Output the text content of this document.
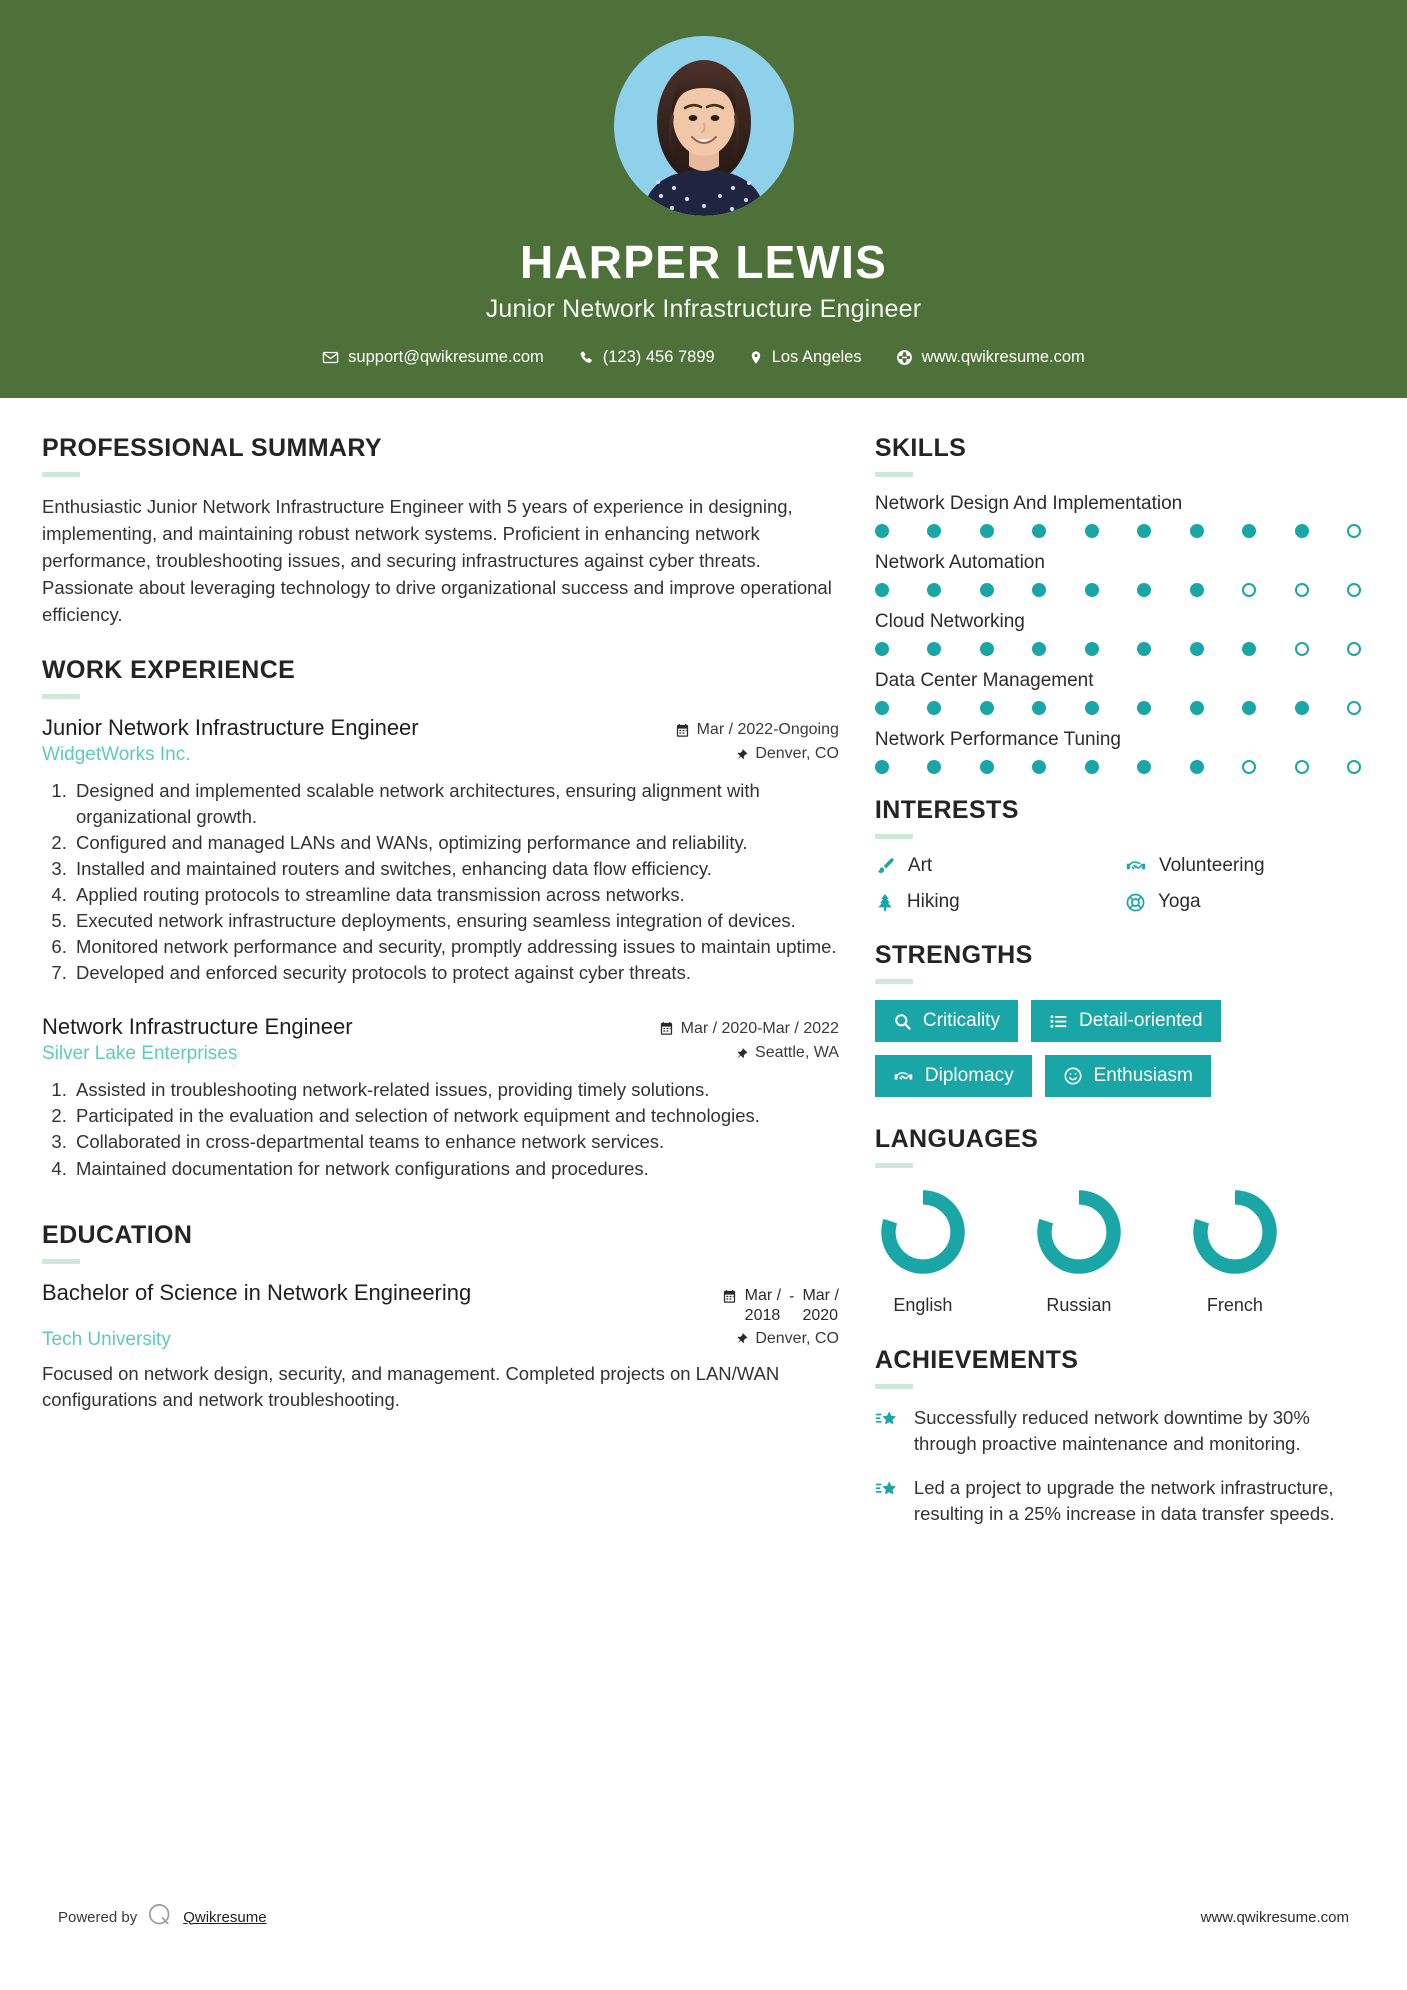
HARPER LEWIS
Junior Network Infrastructure Engineer
support@qwikresume.com	(123) 456 7899	Los Angeles	www.qwikresume.com
PROFESSIONAL SUMMARY
Enthusiastic Junior Network Infrastructure Engineer with 5 years of experience in designing, implementing, and maintaining robust network systems. Proficient in enhancing network performance, troubleshooting issues, and securing infrastructures against cyber threats. Passionate about leveraging technology to drive organizational success and improve operational efficiency.
WORK EXPERIENCE
Junior Network Infrastructure Engineer	Mar / 2022-Ongoing
WidgetWorks Inc.	Denver, CO
1. Designed and implemented scalable network architectures, ensuring alignment with organizational growth.
2. Configured and managed LANs and WANs, optimizing performance and reliability.
3. Installed and maintained routers and switches, enhancing data flow efficiency.
4. Applied routing protocols to streamline data transmission across networks.
5. Executed network infrastructure deployments, ensuring seamless integration of devices.
6. Monitored network performance and security, promptly addressing issues to maintain uptime.
7. Developed and enforced security protocols to protect against cyber threats.
Network Infrastructure Engineer	Mar / 2020-Mar / 2022
Silver Lake Enterprises	Seattle, WA
1. Assisted in troubleshooting network-related issues, providing timely solutions.
2. Participated in the evaluation and selection of network equipment and technologies.
3. Collaborated in cross-departmental teams to enhance network services.
4. Maintained documentation for network configurations and procedures.
EDUCATION
Bachelor of Science in Network Engineering	Mar /
2018
- Mar /
2020
Tech University	Denver, CO
Focused on network design, security, and management. Completed projects on LAN/WAN configurations and network troubleshooting.
SKILLS
Network Design And Implementation
Network Automation
Cloud Networking
Data Center Management
Network Performance Tuning
INTERESTS
Art	Volunteering
Hiking	Yoga
STRENGTHS
Criticality	Detail-oriented
Diplomacy	Enthusiasm
LANGUAGES
English	Russian	French
ACHIEVEMENTS
Successfully reduced network downtime by 30% through proactive maintenance and monitoring.
Led a project to upgrade the network infrastructure, resulting in a 25% increase in data transfer speeds.
Powered by	Qwikresume	www.qwikresume.com
